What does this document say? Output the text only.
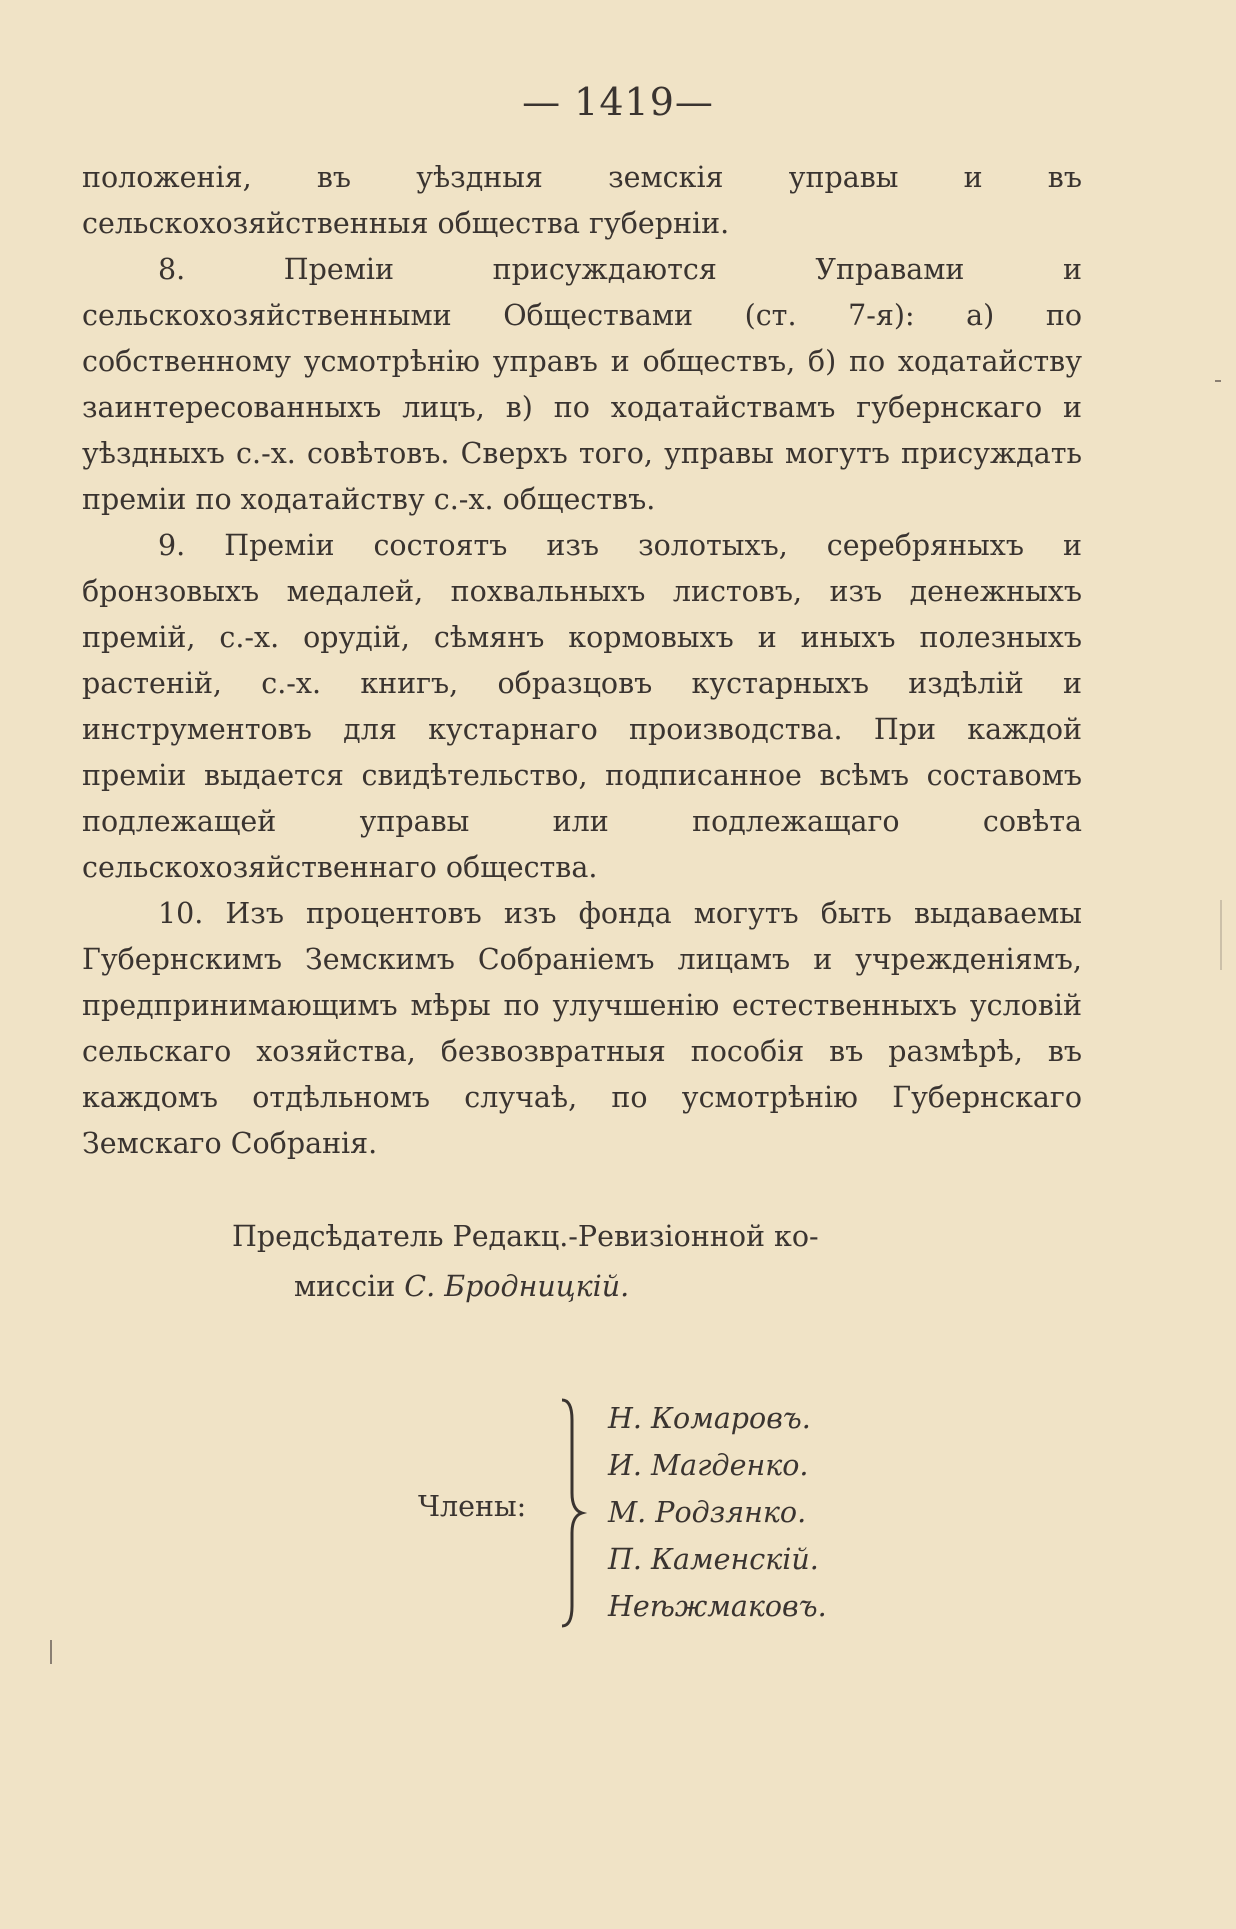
— 1419—

положенія, въ уѣздныя земскія управы и въ сельскохозяйственныя общества губерніи.

8. Преміи присуждаются Управами и сельскохозяйственными Обществами (ст. 7-я): а) по собственному усмотрѣнію управъ и обществъ, б) по ходатайству заинтересованныхъ лицъ, в) по ходатайствамъ губернскаго и уѣздныхъ с.-х. совѣтовъ. Сверхъ того, управы могутъ присуждать преміи по ходатайству с.-х. обществъ.

9. Преміи состоятъ изъ золотыхъ, серебряныхъ и бронзовыхъ медалей, похвальныхъ листовъ, изъ денежныхъ премій, с.-х. орудій, сѣмянъ кормовыхъ и иныхъ полезныхъ растеній, с.-х. книгъ, образцовъ кустарныхъ издѣлій и инструментовъ для кустарнаго производства. При каждой преміи выдается свидѣтельство, подписанное всѣмъ составомъ подлежащей управы или подлежащаго совѣта сельскохозяйственнаго общества.

10. Изъ процентовъ изъ фонда могутъ быть выдаваемы Губернскимъ Земскимъ Собраніемъ лицамъ и учрежденіямъ, предпринимающимъ мѣры по улучшенію естественныхъ условій сельскаго хозяйства, безвозвратныя пособія въ размѣрѣ, въ каждомъ отдѣльномъ случаѣ, по усмотрѣнію Губернскаго Земскаго Собранія.

Предсѣдатель Редакц.-Ревизіонной ко-
миссіи С. Бродницкій.
Члены:
Н. Комаровъ.
И. Магденко.
М. Родзянко.
П. Каменскій.
Неѣжмаковъ.
